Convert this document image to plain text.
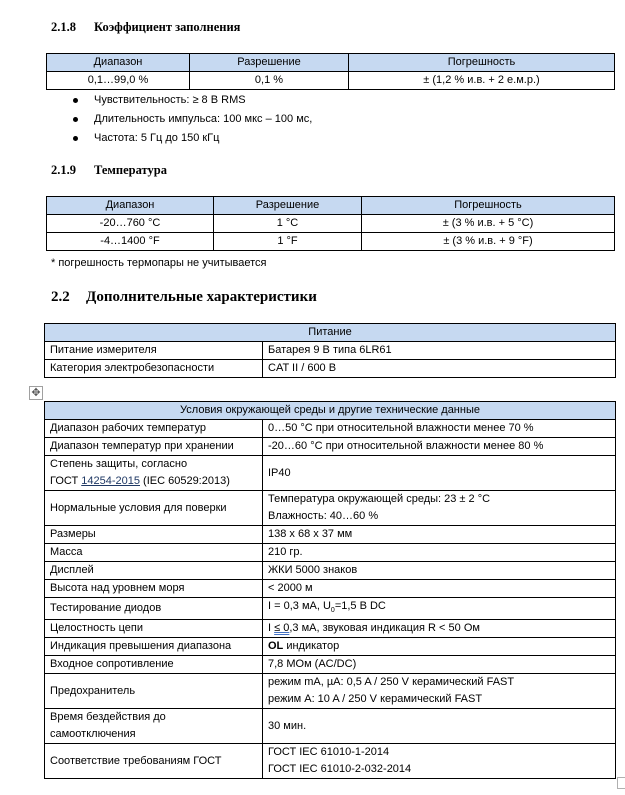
2.1.8 Коэффициент заполнения
Диапазон	Разрешение	Погрешность
0,1…99,0 %	0,1 %	± (1,2 % и.в. + 2 е.м.р.)
Чувствительность: ≥ 8 В RMS
Длительность импульса: 100 мкс – 100 мс,
Частота: 5 Гц до 150 кГц
2.1.9 Температура
Диапазон	Разрешение	Погрешность
-20…760 °C	1 °C	± (3 % и.в. + 5 °C)
-4…1400 °F	1 °F	± (3 % и.в. + 9 °F)
* погрешность термопары не учитывается
2.2 Дополнительные характеристики
Питание	
Питание измерителя	Батарея 9 В типа 6LR61
Категория электробезопасности	CAT II / 600 В
✥
Условия окружающей среды и другие технические данные	
Диапазон рабочих температур	0…50 °C при относительной влажности менее 70 %
Диапазон температур при хранении	-20…60 °C при относительной влажности менее 80 %

Степень защиты, согласно
ГОСТ 14254-2015 (IEC 60529:2013)	IP40
Нормальные условия для поверки	Температура окружающей среды: 23 ± 2 °C
Влажность: 40…60 %

Размеры	138 x 68 x 37 мм
Масса	210 гр.
Дисплей	ЖКИ 5000 знаков
Высота над уровнем моря	< 2000 м
Тестирование диодов	I = 0,3 мА, $U_0=1,5$ В DC
Целостность цепи	I ≤ 0,3 мА, звуковая индикация R < 50 Ом
Индикация превышения диапазона	OL индикатор
Входное сопротивление	7,8 МОм (AC/DC)
Предохранитель	режим mA, µA: 0,5 A / 250 V керамический FAST
режим A: 10 A / 250 V керамический FAST

Время бездействия до
самоотключения	30 мин.
Соответствие требованиям ГОСТ	ГОСТ IEC 61010-1-2014
ГОСТ IEC 61010-2-032-2014
